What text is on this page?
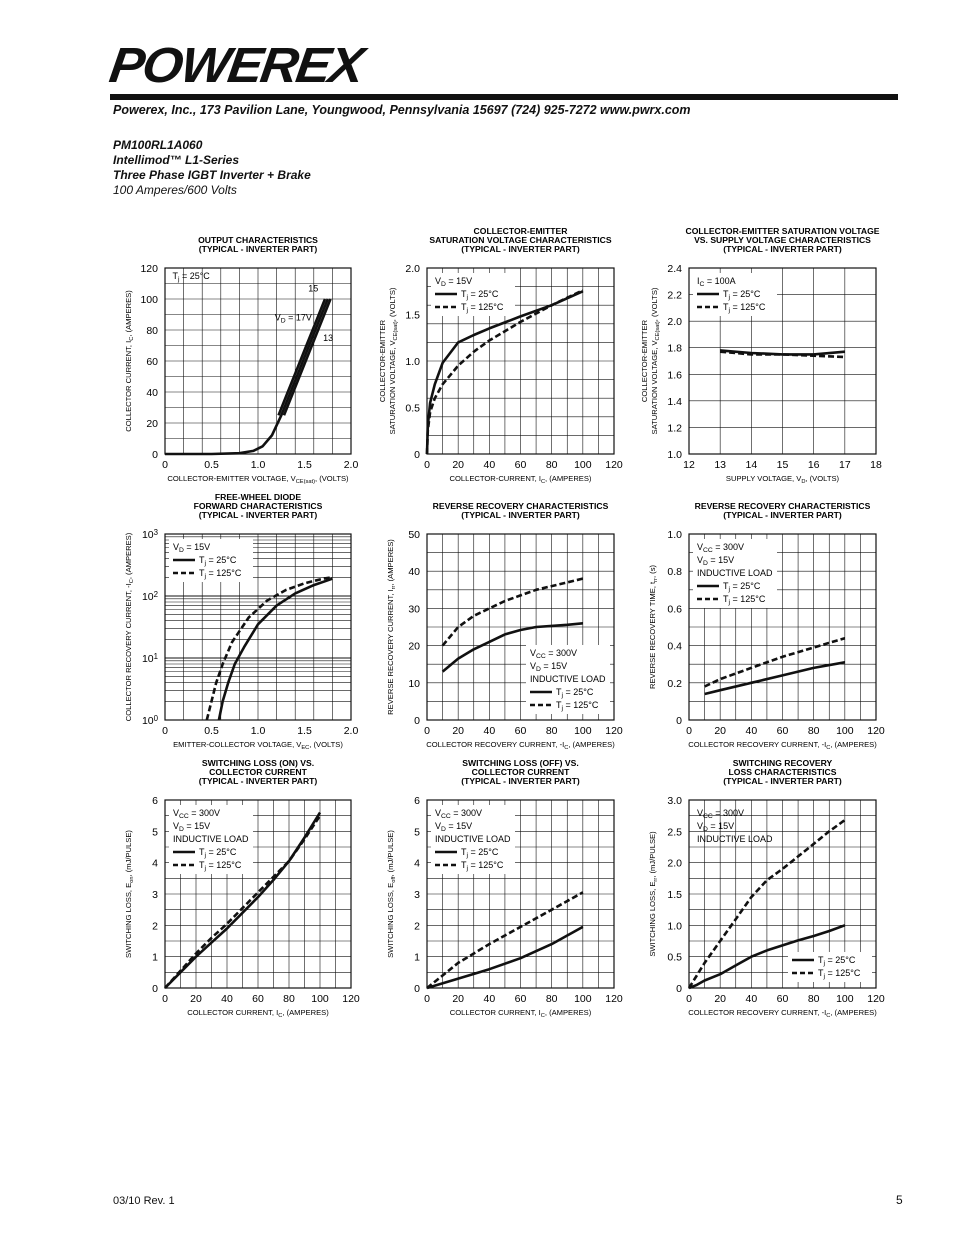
POWEREX
Powerex, Inc., 173 Pavilion Lane, Youngwood, Pennsylvania 15697 (724) 925-7272 www.pwrx.com
PM100RL1A060
Intellimod™ L1-Series
Three Phase IGBT Inverter + Brake
100 Amperes/600 Volts
OUTPUT CHARACTERISTICS
(TYPICAL - INVERTER PART)
0	0.5	1.0	1.5	2.0
0
20
40
60
80
100
120
COLLECTOR-EMITTER VOLTAGE, VCE(sat), (VOLTS)
COLLECTOR CURRENT, IC, (AMPERES)
Tj = 25°C
VD = 17V
15
13
COLLECTOR-EMITTER
SATURATION VOLTAGE CHARACTERISTICS
(TYPICAL - INVERTER PART)
0 20 40 60 80 100 120
0
0.5
1.0
1.5
2.0
COLLECTOR-CURRENT, IC, (AMPERES)
COLLECTOR-EMITTER SATURATION VOLTAGE, VCE(sat), (VOLTS)
VD = 15V
Tj = 25°C
Tj = 125°C
COLLECTOR-EMITTER SATURATION VOLTAGE
VS. SUPPLY VOLTAGE CHARACTERISTICS
(TYPICAL - INVERTER PART)
12 13 14 15 16 17 18
1.0
1.2
1.4
1.6
1.8
2.0
2.2
2.4
SUPPLY VOLTAGE, VD, (VOLTS)
COLLECTOR-EMITTER SATURATION VOLTAGE, VCE(sat), (VOLTS)
IC = 100A
Tj = 25°C
Tj = 125°C
FREE-WHEEL DIODE
FORWARD CHARACTERISTICS
(TYPICAL - INVERTER PART)
0	0.5	1.0	1.5	2.0
100
101
102
103
EMITTER-COLLECTOR VOLTAGE, VEC, (VOLTS)
COLLECTOR RECOVERY CURRENT, -IC, (AMPERES)	VD = 15V
Tj = 25°C
Tj = 125°C
REVERSE RECOVERY CHARACTERISTICS
(TYPICAL - INVERTER PART)
0 20 40 60 80 100 120
0
10
20
30
40
50
COLLECTOR RECOVERY CURRENT, -IC, (AMPERES)
REVERSE RECOVERY CURRENT, Irr, (AMPERES)
VCC = 300V
VD = 15V
INDUCTIVE LOAD
Tj = 25°C
Tj = 125°C
REVERSE RECOVERY CHARACTERISTICS
(TYPICAL - INVERTER PART)
0 20 40 60 80 100 120
0
0.2
0.4
0.6
0.8
1.0
COLLECTOR RECOVERY CURRENT, -IC, (AMPERES)
REVERSE RECOVERY TIME, trr, (s)
VCC = 300V
VD = 15V
INDUCTIVE LOAD
Tj = 25°C
Tj = 125°C
SWITCHING LOSS (ON) VS.
COLLECTOR CURRENT
(TYPICAL - INVERTER PART)
0 20 40 60 80 100 120
0
1
2
3
4
5
6
COLLECTOR CURRENT, IC, (AMPERES)
SWITCHING LOSS, Eon, (mJ/PULSE)
VCC = 300V
VD = 15V
INDUCTIVE LOAD
Tj = 25°C
Tj = 125°C
SWITCHING LOSS (OFF) VS.
COLLECTOR CURRENT
(TYPICAL - INVERTER PART)
0 20 40 60 80 100 120
0
1
2
3
4
5
6
COLLECTOR CURRENT, IC, (AMPERES)
SWITCHING LOSS, Eoff, (mJ/PULSE)
VCC = 300V
VD = 15V
INDUCTIVE LOAD
Tj = 25°C
Tj = 125°C
SWITCHING RECOVERY
LOSS CHARACTERISTICS
(TYPICAL - INVERTER PART)
0 20 40 60 80 100 120
0
0.5
1.0
1.5
2.0
2.5
3.0
COLLECTOR RECOVERY CURRENT, -IC, (AMPERES)
SWITCHING LOSS, Err, (mJ/PULSE)
VCC = 300V
VD = 15V
INDUCTIVE LOAD
Tj = 25°C
Tj = 125°C
03/10 Rev. 1	5
